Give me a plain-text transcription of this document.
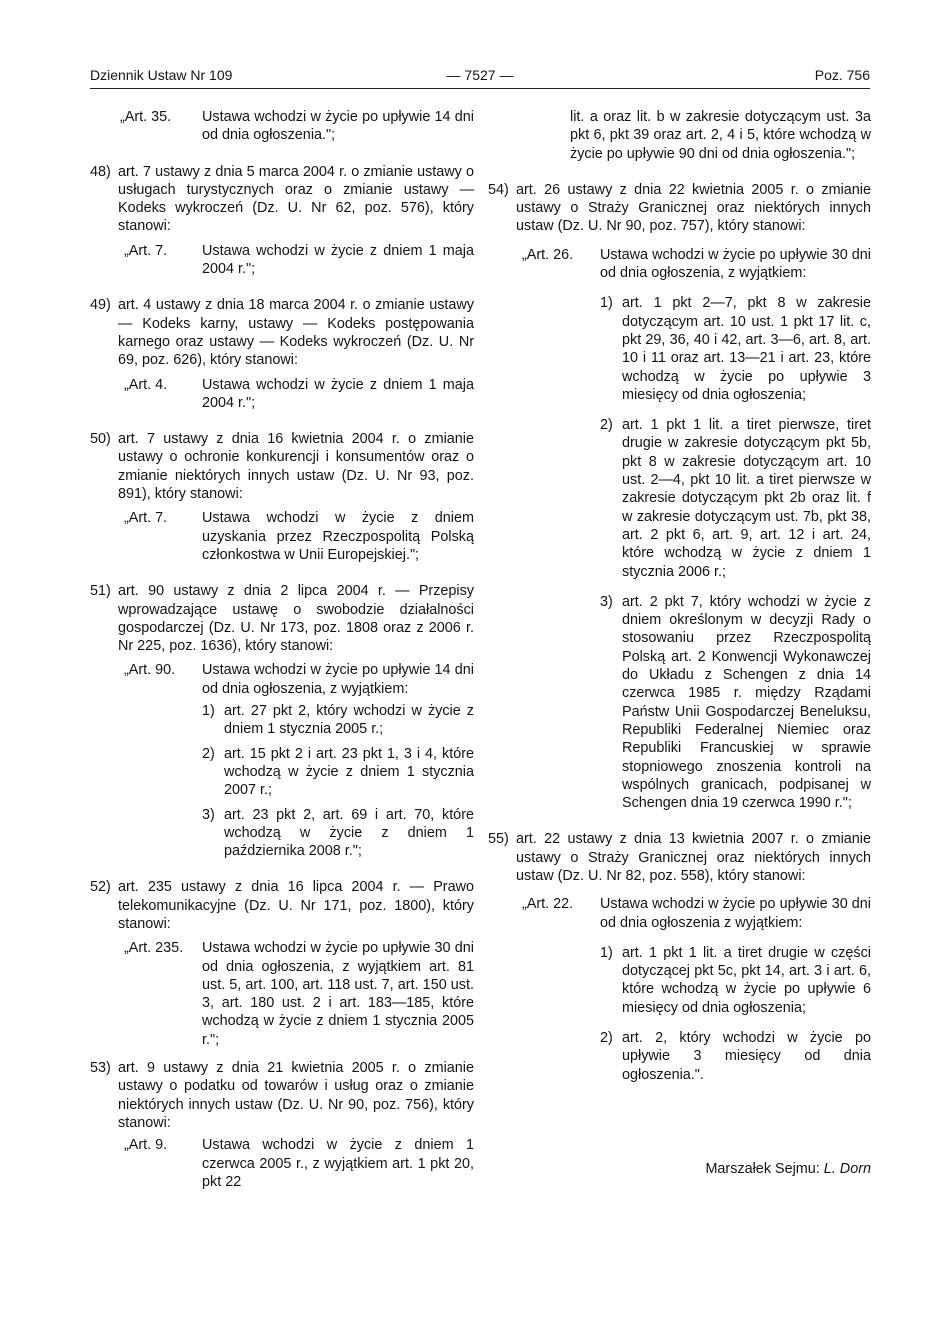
Dziennik Ustaw Nr 109	— 7527 —	Poz. 756
„Art. 35. Ustawa wchodzi w życie po upływie 14 dni od dnia ogłoszenia.";

48) art. 7 ustawy z dnia 5 marca 2004 r. o zmianie ustawy o usługach turystycznych oraz o zmianie ustawy — Kodeks wykroczeń (Dz. U. Nr 62, poz. 576), który stanowi:

„Art. 7. Ustawa wchodzi w życie z dniem 1 maja 2004 r.";

49) art. 4 ustawy z dnia 18 marca 2004 r. o zmianie ustawy — Kodeks karny, ustawy — Kodeks postępowania karnego oraz ustawy — Kodeks wykroczeń (Dz. U. Nr 69, poz. 626), który stanowi:

„Art. 4. Ustawa wchodzi w życie z dniem 1 maja 2004 r.";

50) art. 7 ustawy z dnia 16 kwietnia 2004 r. o zmianie ustawy o ochronie konkurencji i konsumentów oraz o zmianie niektórych innych ustaw (Dz. U. Nr 93, poz. 891), który stanowi:

„Art. 7. Ustawa wchodzi w życie z dniem uzyskania przez Rzeczpospolitą Polską członkostwa w Unii Europejskiej.";

51) art. 90 ustawy z dnia 2 lipca 2004 r. — Przepisy wprowadzające ustawę o swobodzie działalności gospodarczej (Dz. U. Nr 173, poz. 1808 oraz z 2006 r. Nr 225, poz. 1636), który stanowi:

„Art. 90. Ustawa wchodzi w życie po upływie 14 dni od dnia ogłoszenia, z wyjątkiem:

1) art. 27 pkt 2, który wchodzi w życie z dniem 1 stycznia 2005 r.;

2) art. 15 pkt 2 i art. 23 pkt 1, 3 i 4, które wchodzą w życie z dniem 1 stycznia 2007 r.;

3) art. 23 pkt 2, art. 69 i art. 70, które wchodzą w życie z dniem 1 października 2008 r.";

52) art. 235 ustawy z dnia 16 lipca 2004 r. — Prawo telekomunikacyjne (Dz. U. Nr 171, poz. 1800), który stanowi:

„Art. 235. Ustawa wchodzi w życie po upływie 30 dni od dnia ogłoszenia, z wyjątkiem art. 81 ust. 5, art. 100, art. 118 ust. 7, art. 150 ust. 3, art. 180 ust. 2 i art. 183—185, które wchodzą w życie z dniem 1 stycznia 2005 r.";

53) art. 9 ustawy z dnia 21 kwietnia 2005 r. o zmianie ustawy o podatku od towarów i usług oraz o zmianie niektórych innych ustaw (Dz. U. Nr 90, poz. 756), który stanowi:

„Art. 9. Ustawa wchodzi w życie z dniem 1 czerwca 2005 r., z wyjątkiem art. 1 pkt 20, pkt 22

lit. a oraz lit. b w zakresie dotyczącym ust. 3a pkt 6, pkt 39 oraz art. 2, 4 i 5, które wchodzą w życie po upływie 90 dni od dnia ogłoszenia.";

54) art. 26 ustawy z dnia 22 kwietnia 2005 r. o zmianie ustawy o Straży Granicznej oraz niektórych innych ustaw (Dz. U. Nr 90, poz. 757), który stanowi:

„Art. 26. Ustawa wchodzi w życie po upływie 30 dni od dnia ogłoszenia, z wyjątkiem:

1) art. 1 pkt 2—7, pkt 8 w zakresie dotyczącym art. 10 ust. 1 pkt 17 lit. c, pkt 29, 36, 40 i 42, art. 3—6, art. 8, art. 10 i 11 oraz art. 13—21 i art. 23, które wchodzą w życie po upływie 3 miesięcy od dnia ogłoszenia;

2) art. 1 pkt 1 lit. a tiret pierwsze, tiret drugie w zakresie dotyczącym pkt 5b, pkt 8 w zakresie dotyczącym art. 10 ust. 2—4, pkt 10 lit. a tiret pierwsze w zakresie dotyczącym pkt 2b oraz lit. f w zakresie dotyczącym ust. 7b, pkt 38, art. 2 pkt 6, art. 9, art. 12 i art. 24, które wchodzą w życie z dniem 1 stycznia 2006 r.;

3) art. 2 pkt 7, który wchodzi w życie z dniem określonym w decyzji Rady o stosowaniu przez Rzeczpospolitą Polską art. 2 Konwencji Wykonawczej do Układu z Schengen z dnia 14 czerwca 1985 r. między Rządami Państw Unii Gospodarczej Beneluksu, Republiki Federalnej Niemiec oraz Republiki Francuskiej w sprawie stopniowego znoszenia kontroli na wspólnych granicach, podpisanej w Schengen dnia 19 czerwca 1990 r.";

55) art. 22 ustawy z dnia 13 kwietnia 2007 r. o zmianie ustawy o Straży Granicznej oraz niektórych innych ustaw (Dz. U. Nr 82, poz. 558), który stanowi:

„Art. 22. Ustawa wchodzi w życie po upływie 30 dni od dnia ogłoszenia z wyjątkiem:

1) art. 1 pkt 1 lit. a tiret drugie w części dotyczącej pkt 5c, pkt 14, art. 3 i art. 6, które wchodzą w życie po upływie 6 miesięcy od dnia ogłoszenia;

2) art. 2, który wchodzi w życie po upływie 3 miesięcy od dnia ogłoszenia.".

Marszałek Sejmu: L. Dorn
